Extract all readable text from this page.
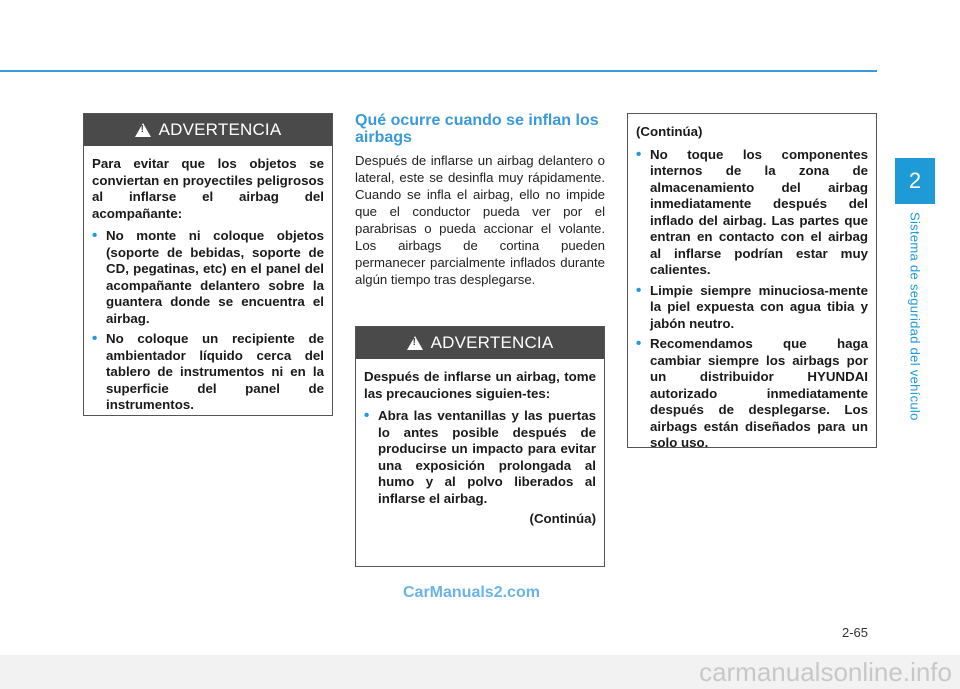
2
Sistema de seguridad del vehículo
!
ADVERTENCIA

Para evitar que los objetos se conviertan en proyectiles peligrosos al inflarse el airbag del acompañante:

• No monte ni coloque objetos (soporte de bebidas, soporte de CD, pegatinas, etc) en el panel del acompañante delantero sobre la guantera donde se encuentra el airbag.
• No coloque un recipiente de ambientador líquido cerca del tablero de instrumentos ni en la superficie del panel de instrumentos.
Qué ocurre cuando se inflan los airbags
Después de inflarse un airbag delantero o lateral, este se desinfla muy rápidamente. Cuando se infla el airbag, ello no impide que el conductor pueda ver por el parabrisas o pueda accionar el volante. Los airbags de cortina pueden permanecer parcialmente inflados durante algún tiempo tras desplegarse.
!
ADVERTENCIA

Después de inflarse un airbag, tome las precauciones siguien-tes:

• Abra las ventanillas y las puertas lo antes posible después de producirse un impacto para evitar una exposición prolongada al humo y al polvo liberados al inflarse el airbag.
(Continúa)

(Continúa)

• No toque los componentes internos de la zona de almacenamiento del airbag inmediatamente después del inflado del airbag. Las partes que entran en contacto con el airbag al inflarse podrían estar muy calientes.
• Limpie siempre minuciosa-mente la piel expuesta con agua tibia y jabón neutro.
• Recomendamos que haga cambiar siempre los airbags por un distribuidor HYUNDAI autorizado inmediatamente después de desplegarse. Los airbags están diseñados para un solo uso.
CarManuals2.com
2-65
carmanualsonline.info
